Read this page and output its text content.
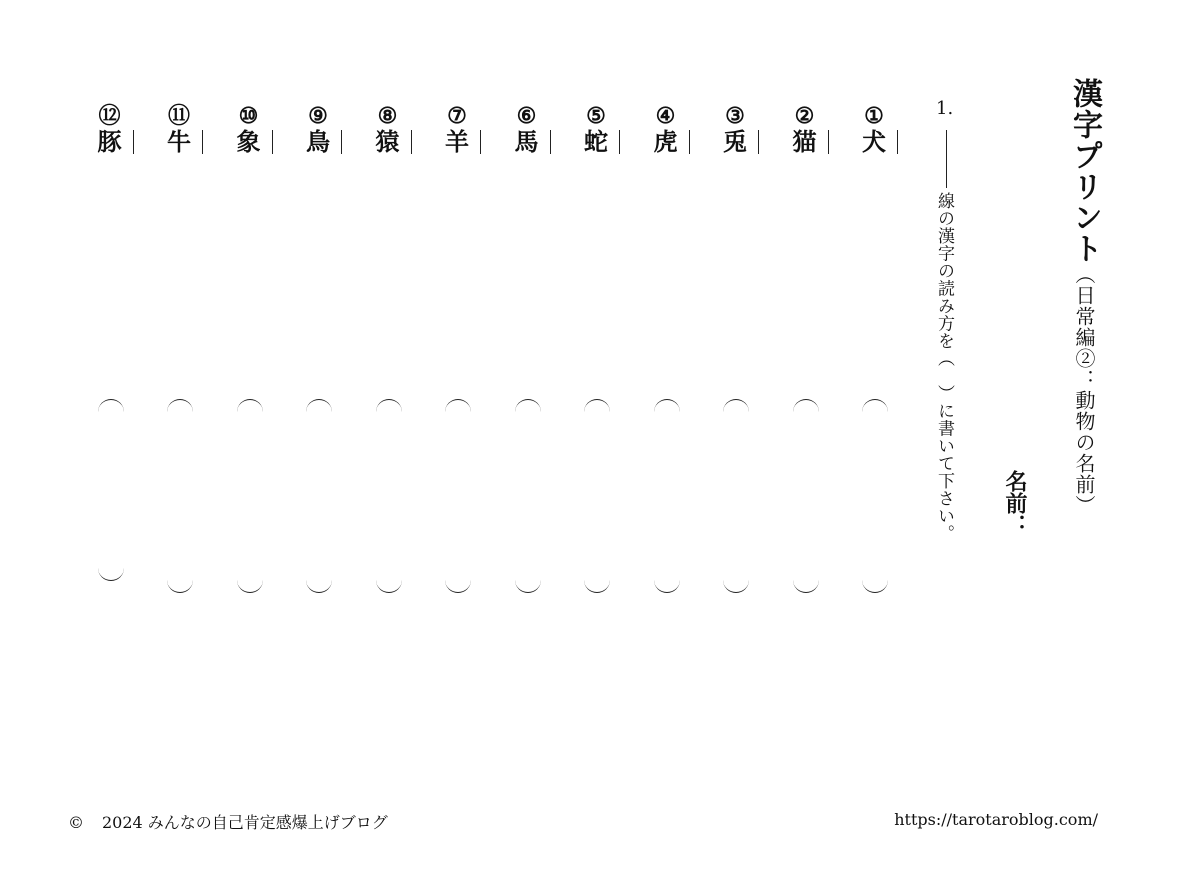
漢字プリント（日常編②：動物の名前）
名前：
1.
線の漢字の読み方を（　）に書いて下さい。
①
犬
②
猫
③
兎
④
虎
⑤
蛇
⑥
馬
⑦
羊
⑧
猿
⑨
鳥
⑩
象
⑪
牛
⑫
豚
© 2024 みんなの自己肯定感爆上げブログ	https://tarotaroblog.com/
